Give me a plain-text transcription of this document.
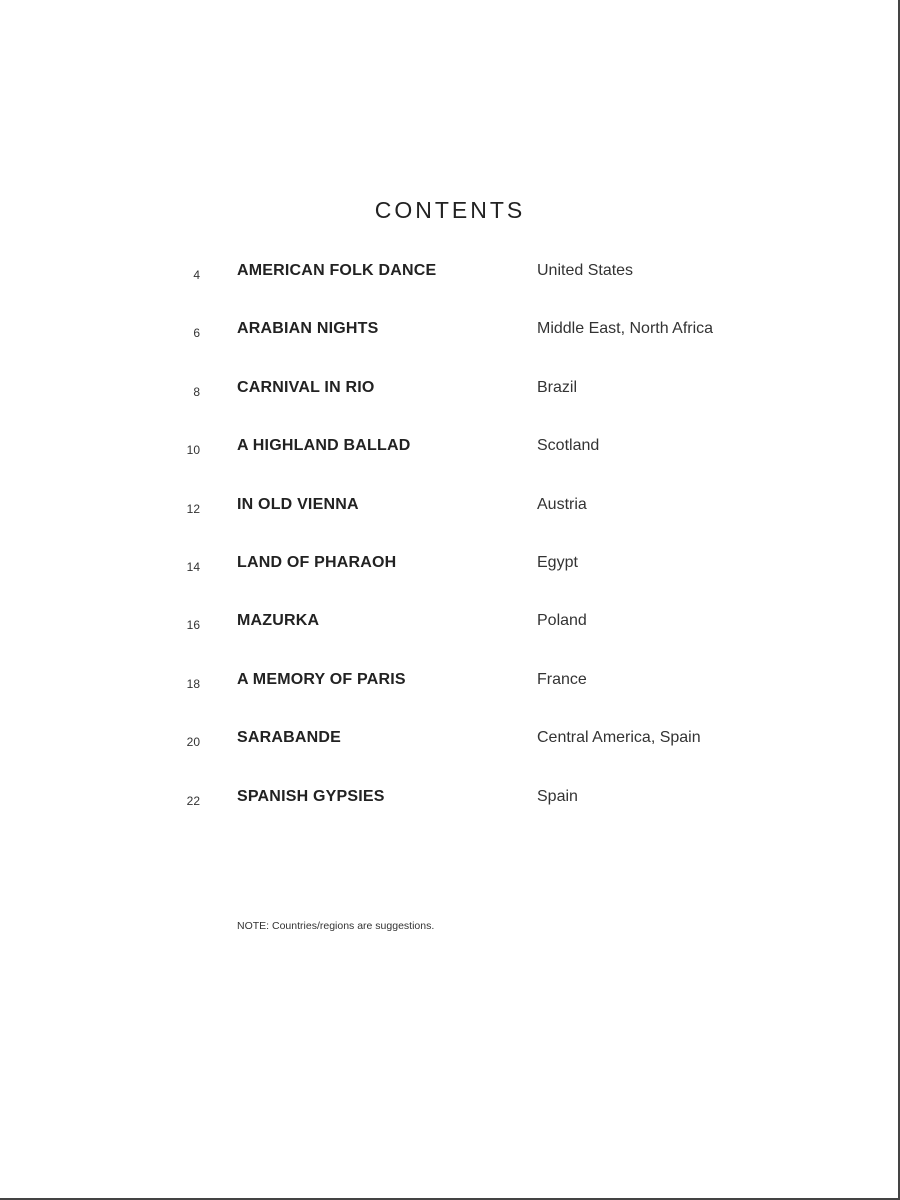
CONTENTS
4 AMERICAN FOLK DANCE	United States
6 ARABIAN NIGHTS	Middle East, North Africa
8 CARNIVAL IN RIO	Brazil
10 A HIGHLAND BALLAD	Scotland
12 IN OLD VIENNA	Austria
14 LAND OF PHARAOH	Egypt
16 MAZURKA	Poland
18 A MEMORY OF PARIS	France
20 SARABANDE	Central America, Spain
22 SPANISH GYPSIES	Spain

NOTE: Countries/regions are suggestions.
